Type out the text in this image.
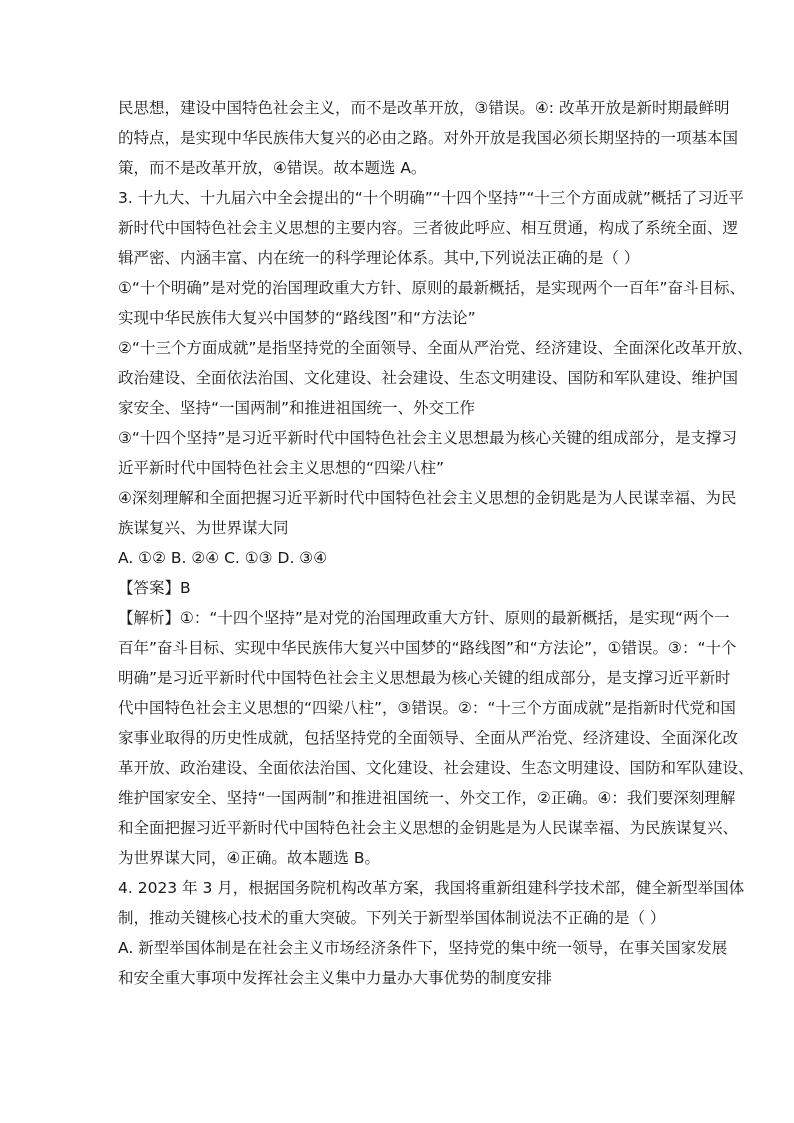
民思想，建设中国特色社会主义，而不是改革开放，③错误。④: 改革开放是新时期最鲜明
的特点，是实现中华民族伟大复兴的必由之路。对外开放是我国必须长期坚持的一项基本国
策，而不是改革开放，④错误。故本题选 A。
3. 十九大、十九届六中全会提出的“十个明确”“十四个坚持”“十三个方面成就”概括了习近平
新时代中国特色社会主义思想的主要内容。三者彼此呼应、相互贯通，构成了系统全面、逻
辑严密、内涵丰富、内在统一的科学理论体系。其中,下列说法正确的是（ ）
①“十个明确”是对党的治国理政重大方针、原则的最新概括，是实现两个一百年”奋斗目标、
实现中华民族伟大复兴中国梦的“路线图”和“方法论”
②“十三个方面成就”是指坚持党的全面领导、全面从严治党、经济建设、全面深化改革开放、
政治建设、全面依法治国、文化建设、社会建设、生态文明建设、国防和军队建设、维护国
家安全、坚持“一国两制”和推进祖国统一、外交工作
③“十四个坚持”是习近平新时代中国特色社会主义思想最为核心关键的组成部分，是支撑习
近平新时代中国特色社会主义思想的“四梁八柱”
④深刻理解和全面把握习近平新时代中国特色社会主义思想的金钥匙是为人民谋幸福、为民
族谋复兴、为世界谋大同
A. ①② B. ②④ C. ①③ D. ③④
【答案】B
【解析】①：“十四个坚持”是对党的治国理政重大方针、原则的最新概括，是实现“两个一
百年”奋斗目标、实现中华民族伟大复兴中国梦的“路线图”和“方法论”，①错误。③：“十个
明确”是习近平新时代中国特色社会主义思想最为核心关键的组成部分，是支撑习近平新时
代中国特色社会主义思想的“四梁八柱”，③错误。②：“十三个方面成就”是指新时代党和国
家事业取得的历史性成就，包括坚持党的全面领导、全面从严治党、经济建设、全面深化改
革开放、政治建设、全面依法治国、文化建设、社会建设、生态文明建设、国防和军队建设、
维护国家安全、坚持“一国两制”和推进祖国统一、外交工作，②正确。④：我们要深刻理解
和全面把握习近平新时代中国特色社会主义思想的金钥匙是为人民谋幸福、为民族谋复兴、
为世界谋大同，④正确。故本题选 B。
4. 2023 年 3 月，根据国务院机构改革方案，我国将重新组建科学技术部，健全新型举国体
制，推动关键核心技术的重大突破。下列关于新型举国体制说法不正确的是（ ）
A. 新型举国体制是在社会主义市场经济条件下，坚持党的集中统一领导，在事关国家发展
和安全重大事项中发挥社会主义集中力量办大事优势的制度安排
